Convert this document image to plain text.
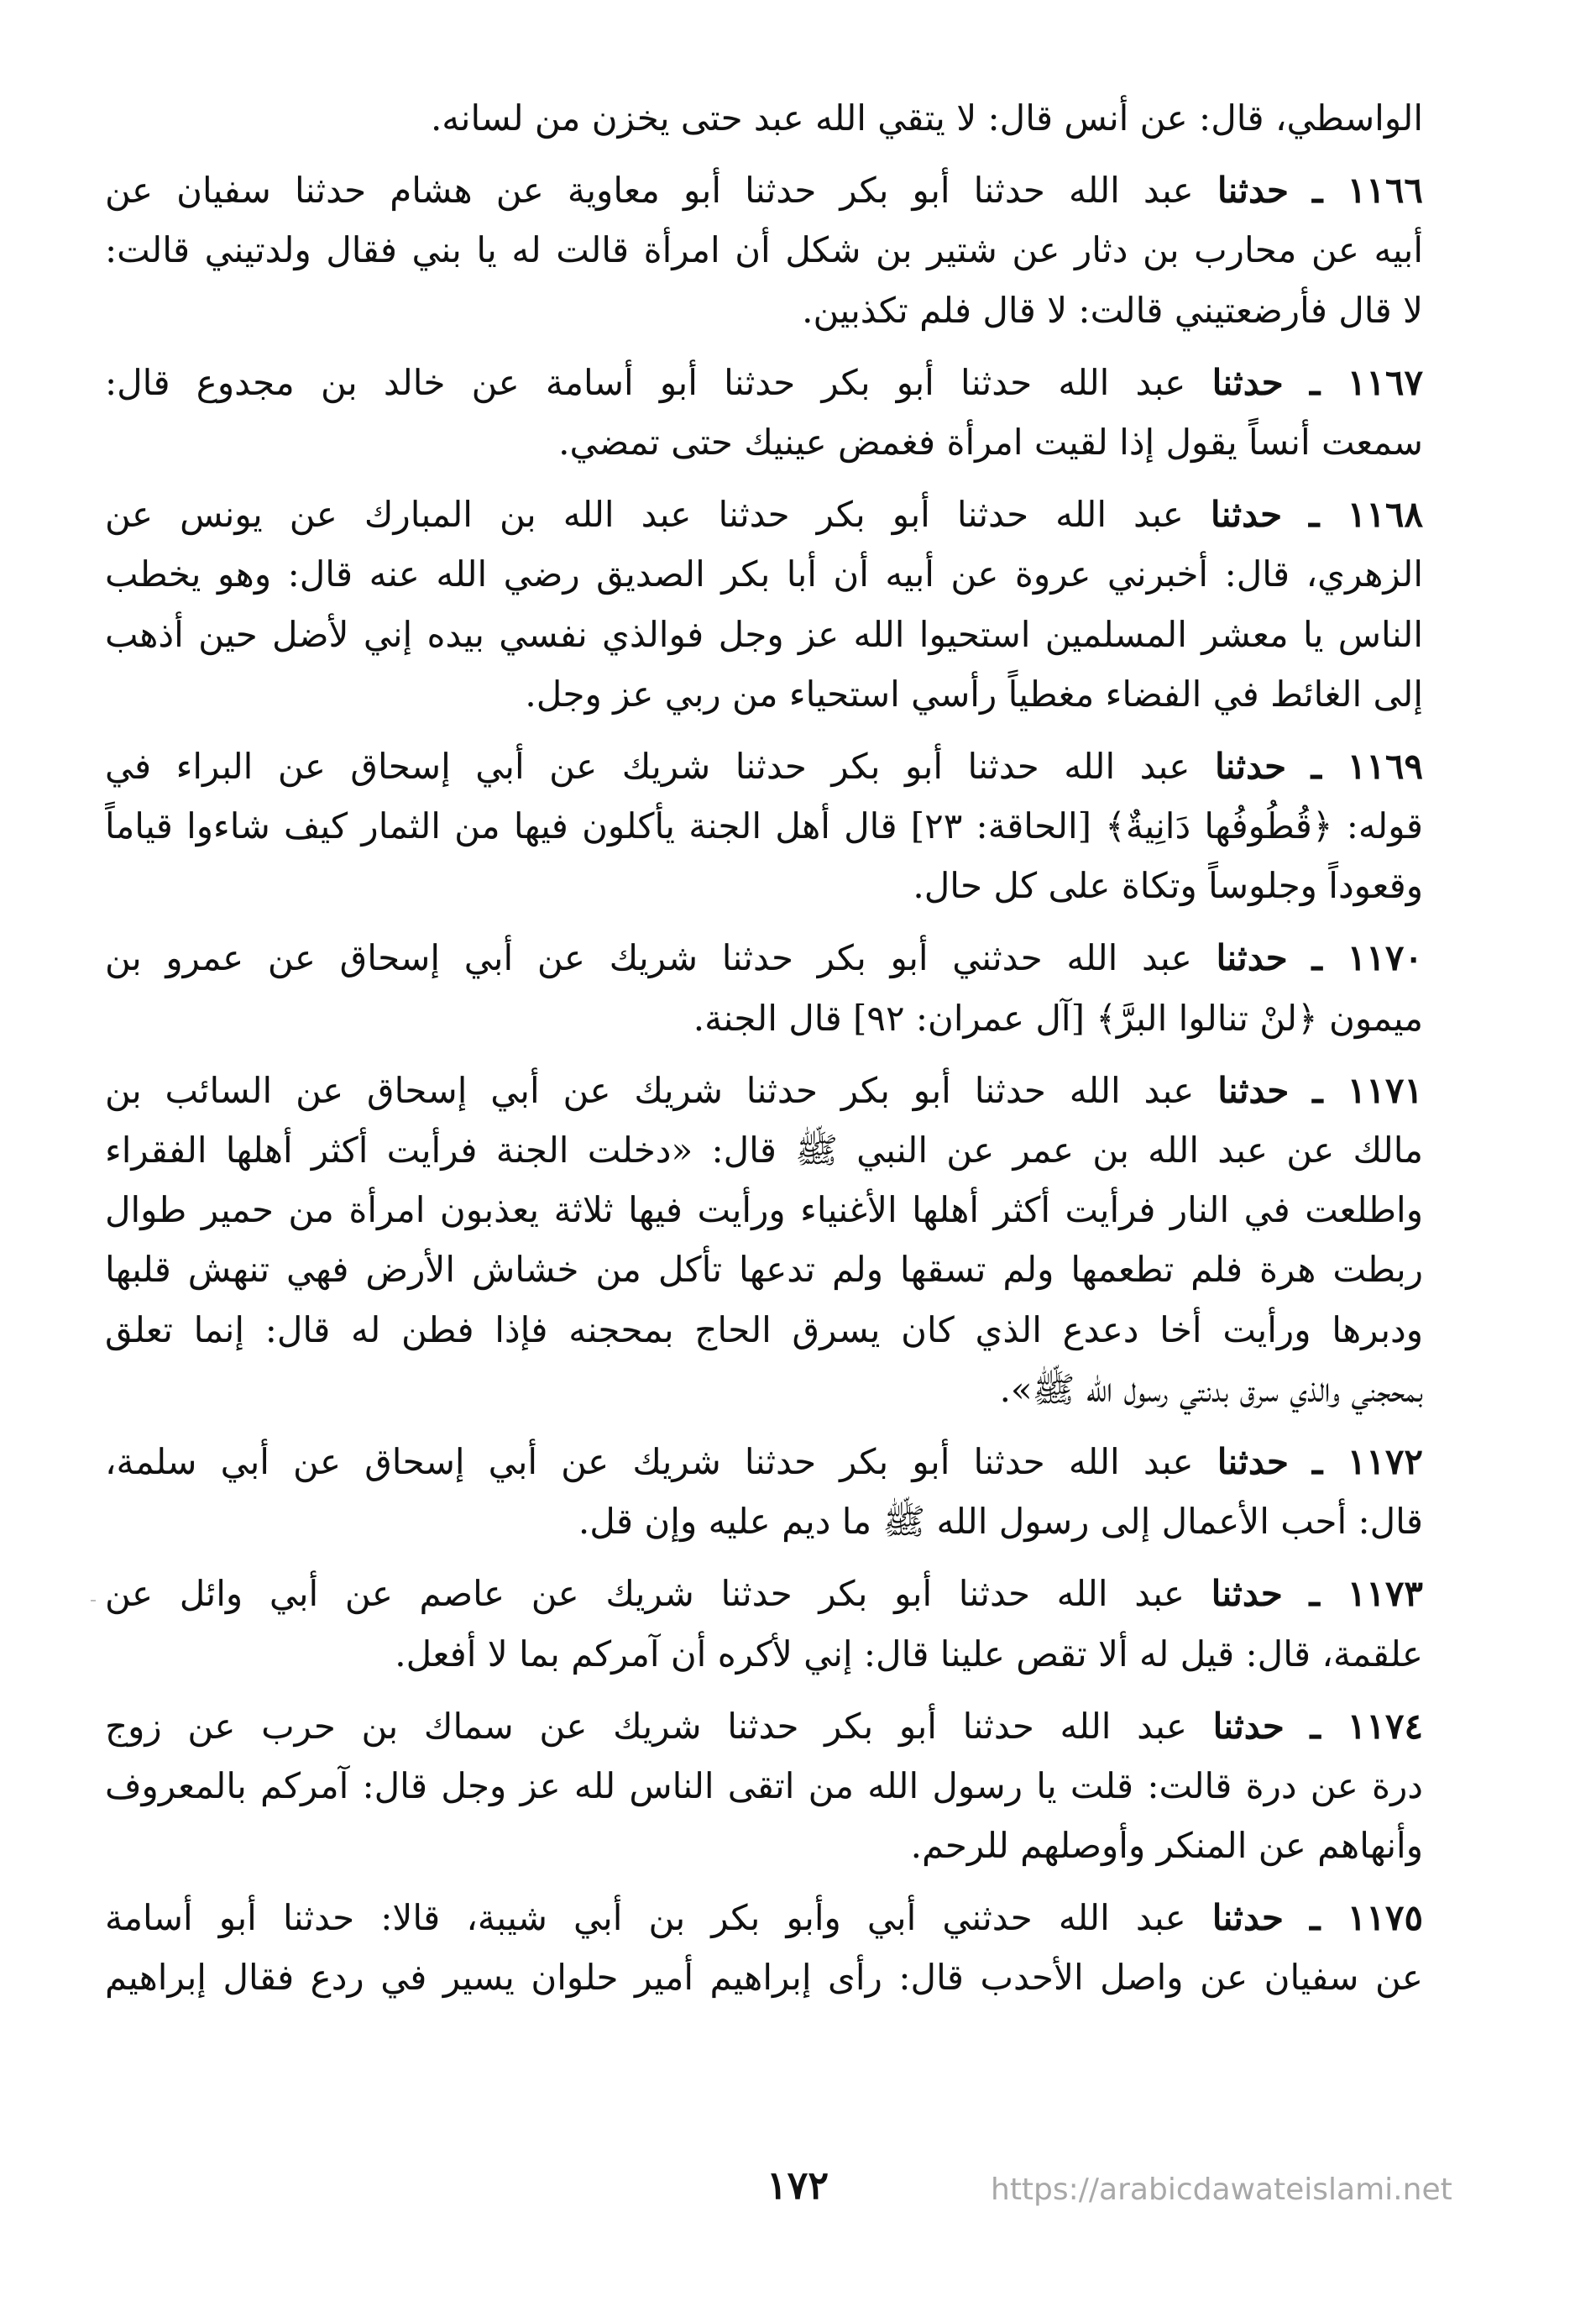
الواسطي، قال: عن أنس قال: لا يتقي الله عبد حتى يخزن من لسانه.
١١٦٦ ـ حدثنا عبد الله حدثنا أبو بكر حدثنا أبو معاوية عن هشام حدثنا سفيان عن
أبيه عن محارب بن دثار عن شتير بن شكل أن امرأة قالت له يا بني فقال ولدتيني قالت:
لا قال فأرضعتيني قالت: لا قال فلم تكذبين.
١١٦٧ ـ حدثنا عبد الله حدثنا أبو بكر حدثنا أبو أسامة عن خالد بن مجدوع قال:
سمعت أنساً يقول إذا لقيت امرأة فغمض عينيك حتى تمضي.
١١٦٨ ـ حدثنا عبد الله حدثنا أبو بكر حدثنا عبد الله بن المبارك عن يونس عن
الزهري، قال: أخبرني عروة عن أبيه أن أبا بكر الصديق رضي الله عنه قال: وهو يخطب
الناس يا معشر المسلمين استحيوا الله عز وجل فوالذي نفسي بيده إني لأضل حين أذهب
إلى الغائط في الفضاء مغطياً رأسي استحياء من ربي عز وجل.
١١٦٩ ـ حدثنا عبد الله حدثنا أبو بكر حدثنا شريك عن أبي إسحاق عن البراء في
قوله: ﴿قُطُوفُها دَانِيةٌ﴾ [الحاقة: ٢٣] قال أهل الجنة يأكلون فيها من الثمار كيف شاءوا قياماً
وقعوداً وجلوساً وتكاة على كل حال.
١١٧٠ ـ حدثنا عبد الله حدثني أبو بكر حدثنا شريك عن أبي إسحاق عن عمرو بن
ميمون ﴿لنْ تنالوا البرَّ﴾ [آل عمران: ٩٢] قال الجنة.
١١٧١ ـ حدثنا عبد الله حدثنا أبو بكر حدثنا شريك عن أبي إسحاق عن السائب بن
مالك عن عبد الله بن عمر عن النبي ﷺ قال: «دخلت الجنة فرأيت أكثر أهلها الفقراء
واطلعت في النار فرأيت أكثر أهلها الأغنياء ورأيت فيها ثلاثة يعذبون امرأة من حمير طوال
ربطت هرة فلم تطعمها ولم تسقها ولم تدعها تأكل من خشاش الأرض فهي تنهش قلبها
ودبرها ورأيت أخا دعدع الذي كان يسرق الحاج بمحجنه فإذا فطن له قال: إنما تعلق
بمحجني والذي سرق بدنتي رسول الله ﷺ».
١١٧٢ ـ حدثنا عبد الله حدثنا أبو بكر حدثنا شريك عن أبي إسحاق عن أبي سلمة،
قال: أحب الأعمال إلى رسول الله ﷺ ما ديم عليه وإن قل.
١١٧٣ ـ حدثنا عبد الله حدثنا أبو بكر حدثنا شريك عن عاصم عن أبي وائل عن
علقمة، قال: قيل له ألا تقص علينا قال: إني لأكره أن آمركم بما لا أفعل.
١١٧٤ ـ حدثنا عبد الله حدثنا أبو بكر حدثنا شريك عن سماك بن حرب عن زوج
درة عن درة قالت: قلت يا رسول الله من اتقى الناس لله عز وجل قال: آمركم بالمعروف
وأنهاهم عن المنكر وأوصلهم للرحم.
١١٧٥ ـ حدثنا عبد الله حدثني أبي وأبو بكر بن أبي شيبة، قالا: حدثنا أبو أسامة
عن سفيان عن واصل الأحدب قال: رأى إبراهيم أمير حلوان يسير في ردع فقال إبراهيم
١٧٢	https://arabicdawateislami.net
